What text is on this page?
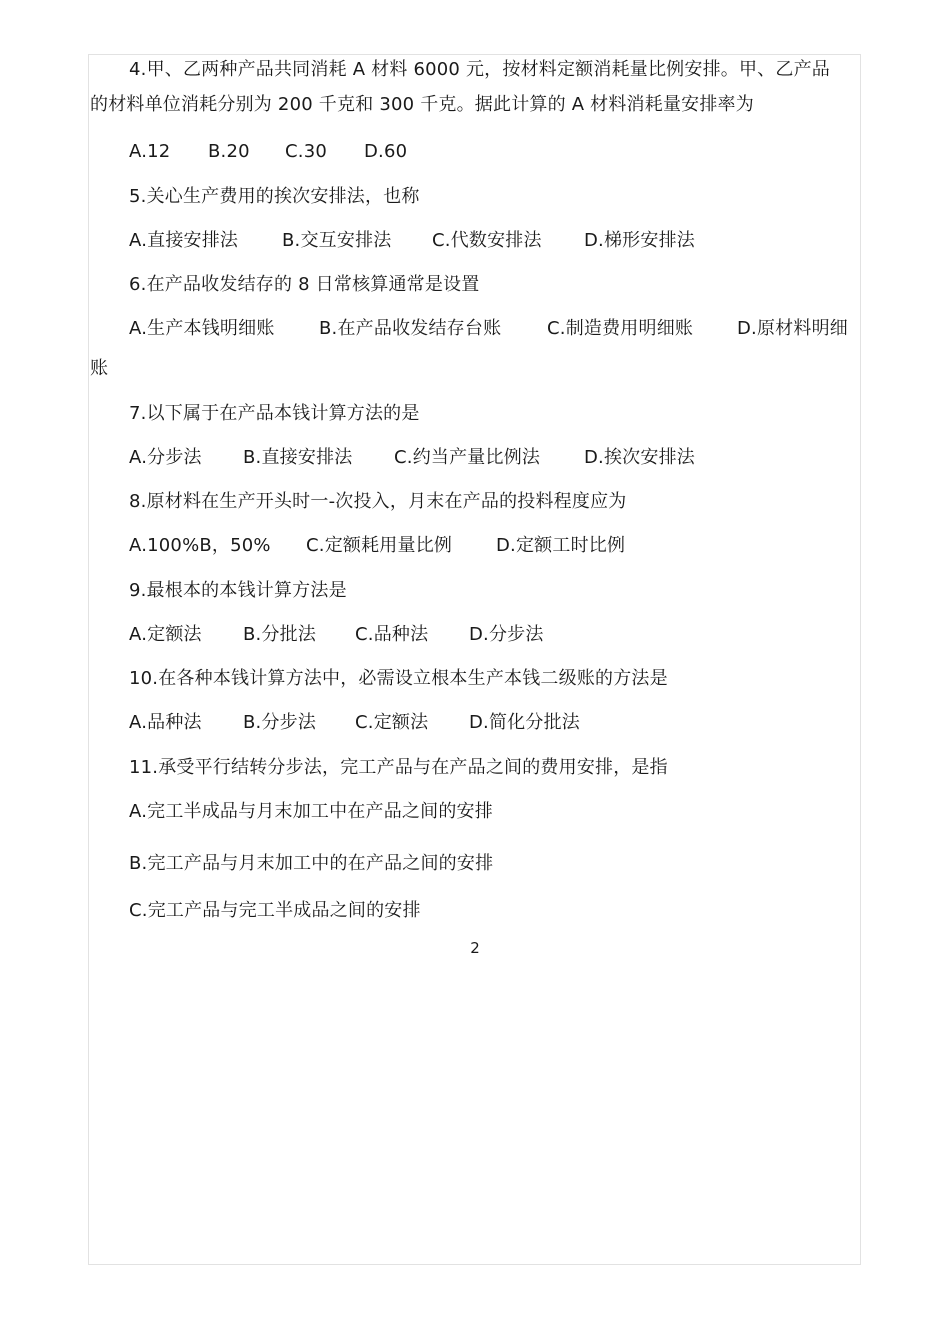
4.甲、乙两种产品共同消耗 A 材料 6000 元，按材料定额消耗量比例安排。甲、乙产品
的材料单位消耗分别为 200 千克和 300 千克。据此计算的 A 材料消耗量安排率为
A.12 B.20 C.30 D.60
5.关心生产费用的挨次安排法，也称
A.直接安排法 B.交互安排法 C.代数安排法 D.梯形安排法
6.在产品收发结存的 8 日常核算通常是设置
A.生产本钱明细账 B.在产品收发结存台账	C.制造费用明细账 D.原材料明细
账
7.以下属于在产品本钱计算方法的是
A.分步法 B.直接安排法 C.约当产量比例法 D.挨次安排法
8.原材料在生产开头时一-次投入，月末在产品的投料程度应为
A.100%B，50% C.定额耗用量比例 D.定额工时比例
9.最根本的本钱计算方法是
A.定额法 B.分批法 C.品种法 D.分步法
10.在各种本钱计算方法中，必需设立根本生产本钱二级账的方法是
A.品种法 B.分步法 C.定额法 D.简化分批法
11.承受平行结转分步法，完工产品与在产品之间的费用安排，是指
A.完工半成品与月末加工中在产品之间的安排
B.完工产品与月末加工中的在产品之间的安排
C.完工产品与完工半成品之间的安排
2
